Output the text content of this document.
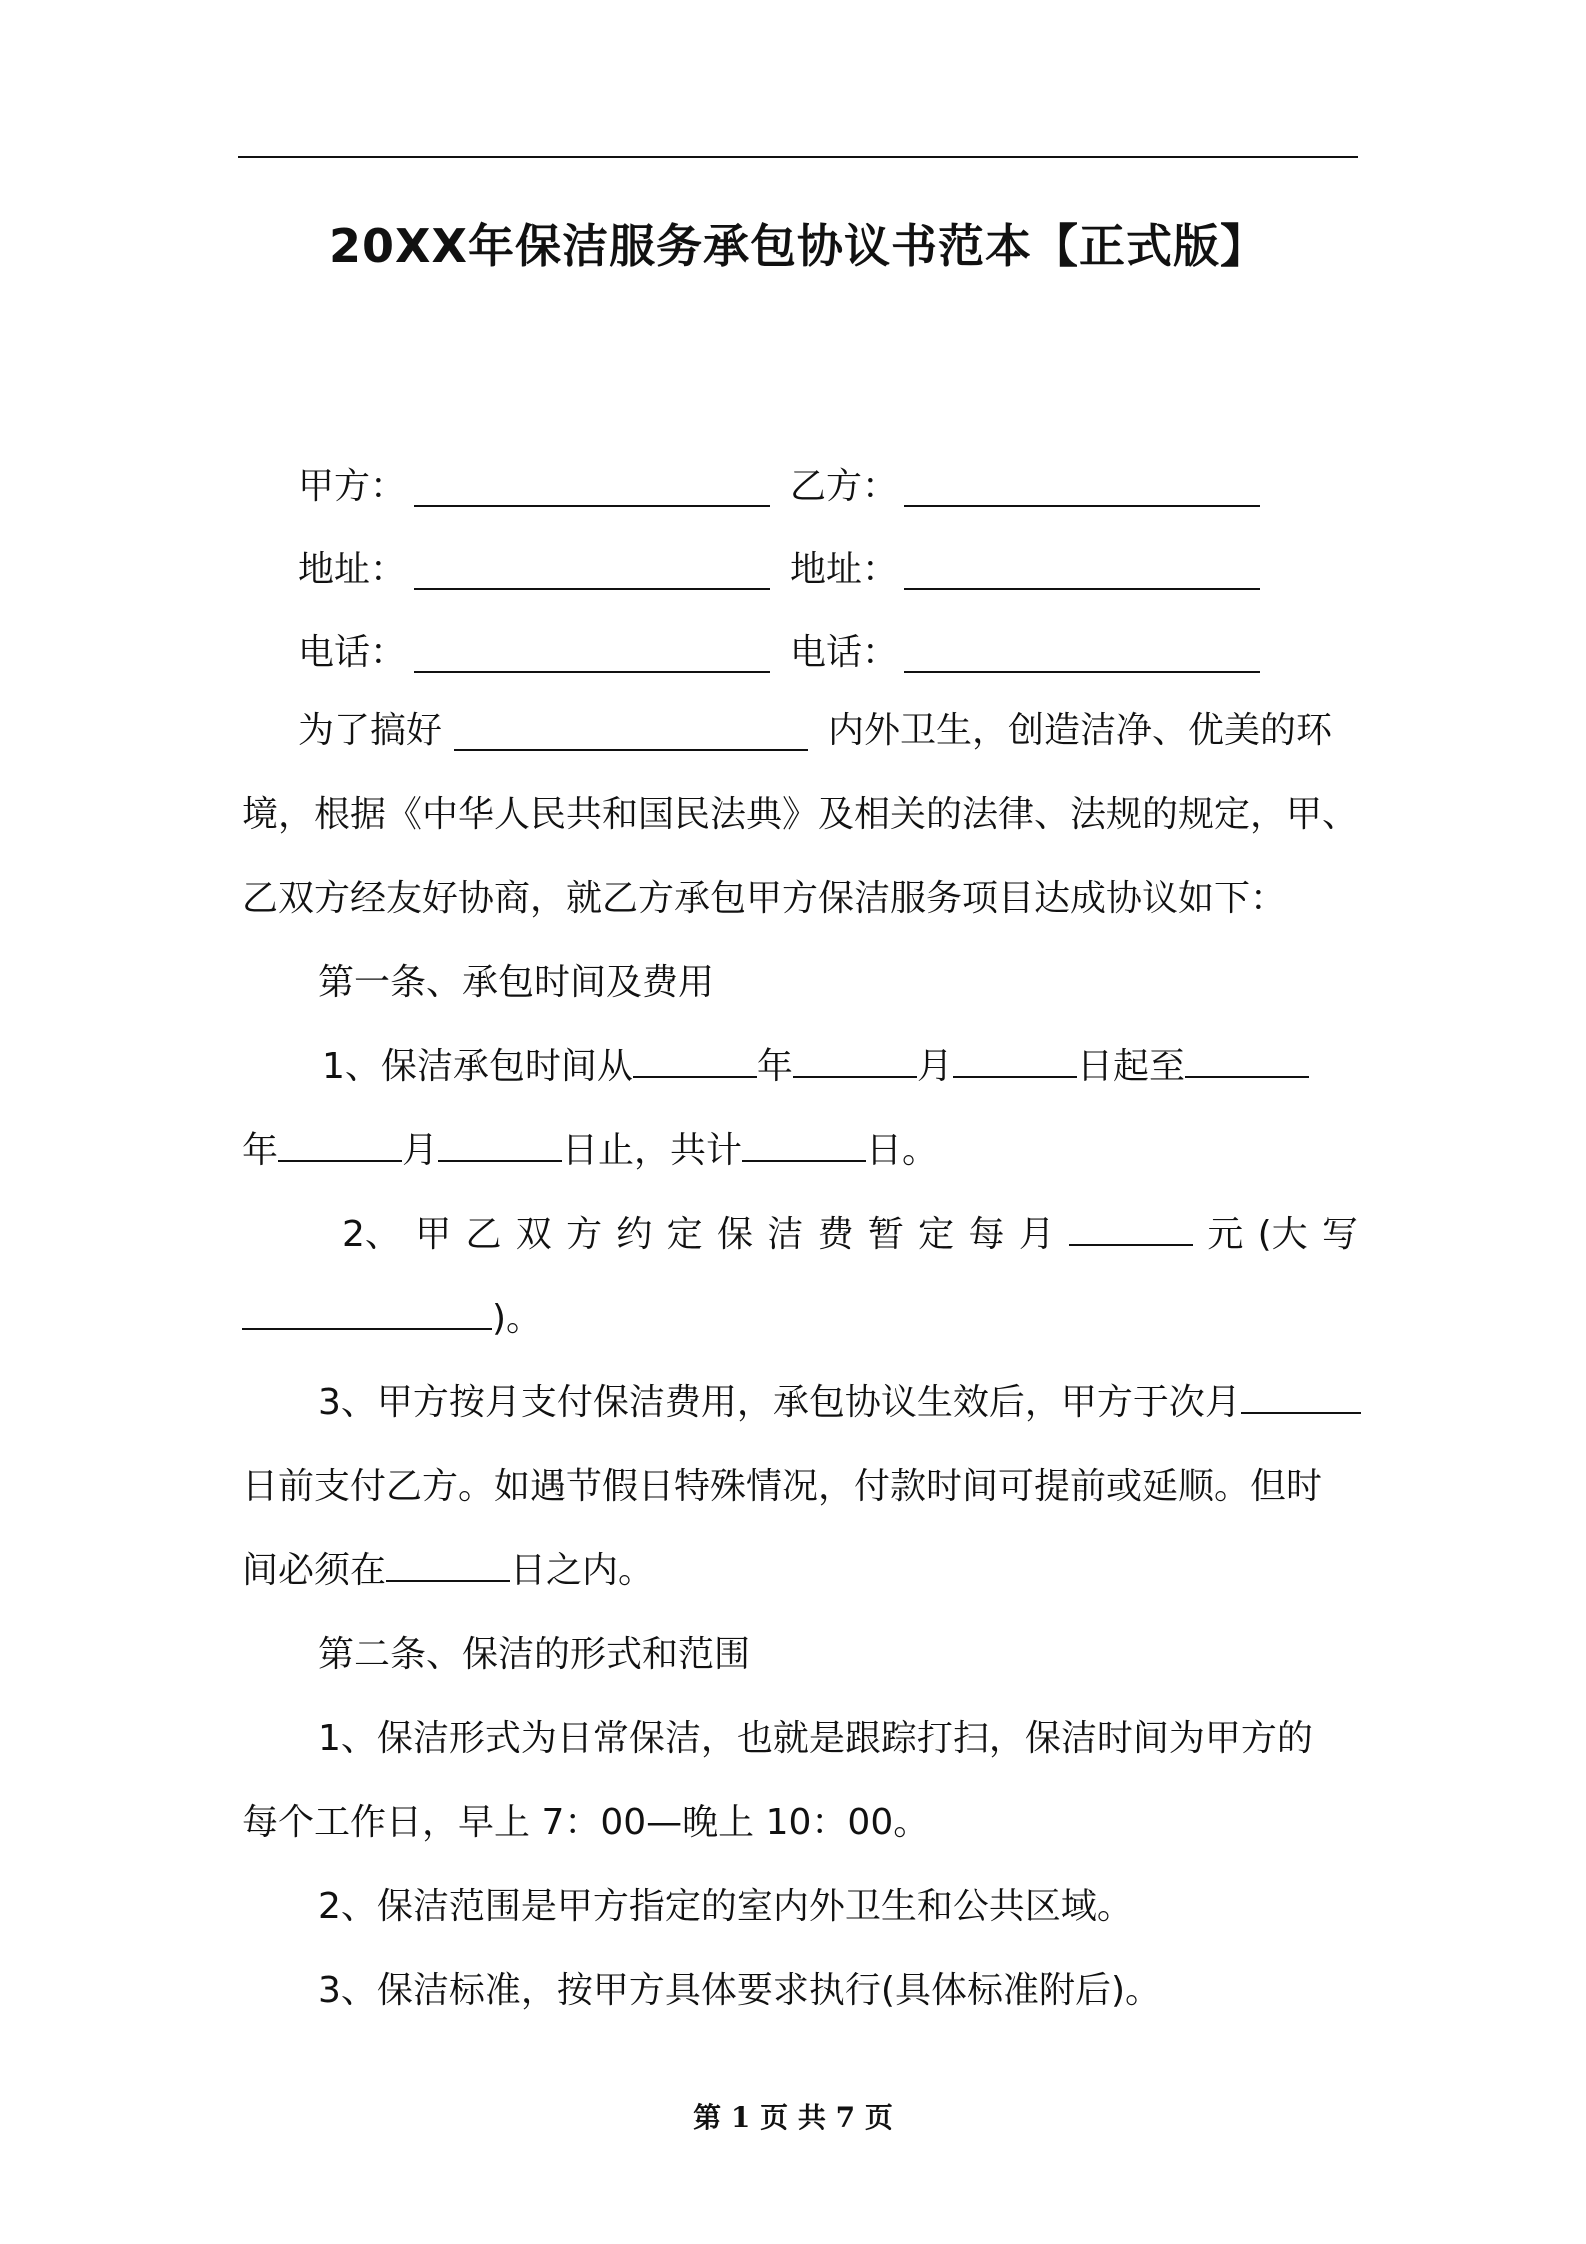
20XX年保洁服务承包协议书范本【正式版】
甲方：	乙方：
地址：	地址：
电话：	电话：
为了搞好	内外卫生，创造洁净、优美的环
境，根据《中华人民共和国民法典》及相关的法律、法规的规定，甲、
乙双方经友好协商，就乙方承包甲方保洁服务项目达成协议如下：
第一条、承包时间及费用
1、保洁承包时间从	年	月	日起至
年	月	日止，共计	日。
2、 甲 乙 双 方 约 定 保 洁 费 暂 定 每 月	元 (大 写
)。
3、甲方按月支付保洁费用，承包协议生效后，甲方于次月
日前支付乙方。如遇节假日特殊情况，付款时间可提前或延顺。但时
间必须在	日之内。
第二条、保洁的形式和范围
1、保洁形式为日常保洁，也就是跟踪打扫，保洁时间为甲方的
每个工作日，早上 7：00—晚上 10：00。
2、保洁范围是甲方指定的室内外卫生和公共区域。
3、保洁标准，按甲方具体要求执行(具体标准附后)。
第 1 页 共 7 页
